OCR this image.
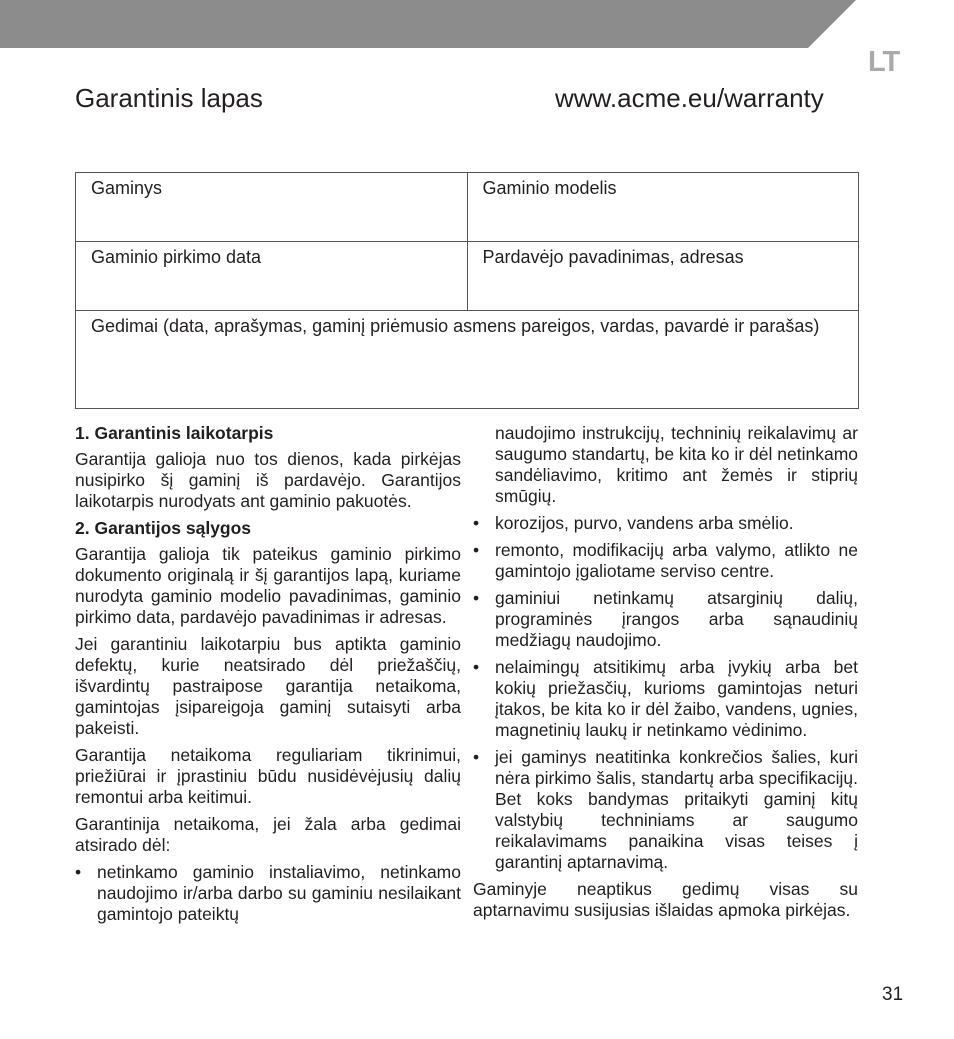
LT
Garantinis lapas	www.acme.eu/warranty
Gaminys	Gaminio modelis
Gaminio pirkimo data	Pardavėjo pavadinimas, adresas
Gedimai (data, aprašymas, gaminį priėmusio asmens pareigos, vardas, pavardė ir parašas)	
1. Garantinis laikotarpis

Garantija galioja nuo tos dienos, kada pirkėjas nusipirko šį gaminį iš pardavėjo. Garantijos laikotarpis nurodyats ant gaminio pakuotės.

2. Garantijos sąlygos

Garantija galioja tik pateikus gaminio pirkimo dokumento originalą ir šį garantijos lapą, kuriame nurodyta gaminio modelio pavadinimas, gaminio pirkimo data, pardavėjo pavadinimas ir adresas.

Jei garantiniu laikotarpiu bus aptikta gaminio defektų, kurie neatsirado dėl priežaščių, išvardintų pastraipose garantija netaikoma, gamintojas įsipareigoja gaminį sutaisyti arba pakeisti.

Garantija netaikoma reguliariam tikrinimui, priežiūrai ir įprastiniu būdu nusidėvėjusių dalių remontui arba keitimui.

Garantinija netaikoma, jei žala arba gedimai atsirado dėl:

• netinkamo gaminio instaliavimo, netinkamo naudojimo ir/arba darbo su gaminiu nesilaikant gamintojo pateiktų

naudojimo instrukcijų, techninių reikalavimų ar saugumo standartų, be kita ko ir dėl netinkamo sandėliavimo, kritimo ant žemės ir stiprių smūgių.

• korozijos, purvo, vandens arba smėlio.
• remonto, modifikacijų arba valymo, atlikto ne gamintojo įgaliotame serviso centre.
• gaminiui netinkamų atsarginių dalių, programinės įrangos arba sąnaudinių medžiagų naudojimo.
• nelaimingų atsitikimų arba įvykių arba bet kokių priežasčių, kurioms gamintojas neturi įtakos, be kita ko ir dėl žaibo, vandens, ugnies, magnetinių laukų ir netinkamo vėdinimo.
• jei gaminys neatitinka konkrečios šalies, kuri nėra pirkimo šalis, standartų arba specifikacijų. Bet koks bandymas pritaikyti gaminį kitų valstybių techniniams ar saugumo reikalavimams panaikina visas teises į garantinį aptarnavimą.

Gaminyje neaptikus gedimų visas su aptarnavimu susijusias išlaidas apmoka pirkėjas.

31
